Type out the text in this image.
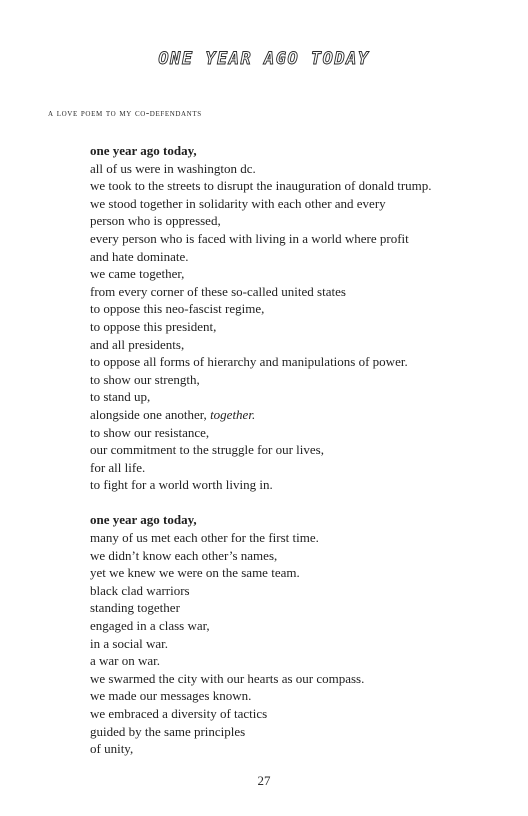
ONE YEAR AGO TODAY

a love poem to my co-defendants

one year ago today,
all of us were in washington dc.
we took to the streets to disrupt the inauguration of donald trump.
we stood together in solidarity with each other and every
person who is oppressed,
every person who is faced with living in a world where profit
and hate dominate.
we came together,
from every corner of these so-called united states
to oppose this neo-fascist regime,
to oppose this president,
and all presidents,
to oppose all forms of hierarchy and manipulations of power.
to show our strength,
to stand up,
alongside one another, together.
to show our resistance,
our commitment to the struggle for our lives,
for all life.
to fight for a world worth living in.
one year ago today,
many of us met each other for the first time.
we didn’t know each other’s names,
yet we knew we were on the same team.
black clad warriors
standing together
engaged in a class war,
in a social war.
a war on war.
we swarmed the city with our hearts as our compass.
we made our messages known.
we embraced a diversity of tactics
guided by the same principles
of unity,
27
